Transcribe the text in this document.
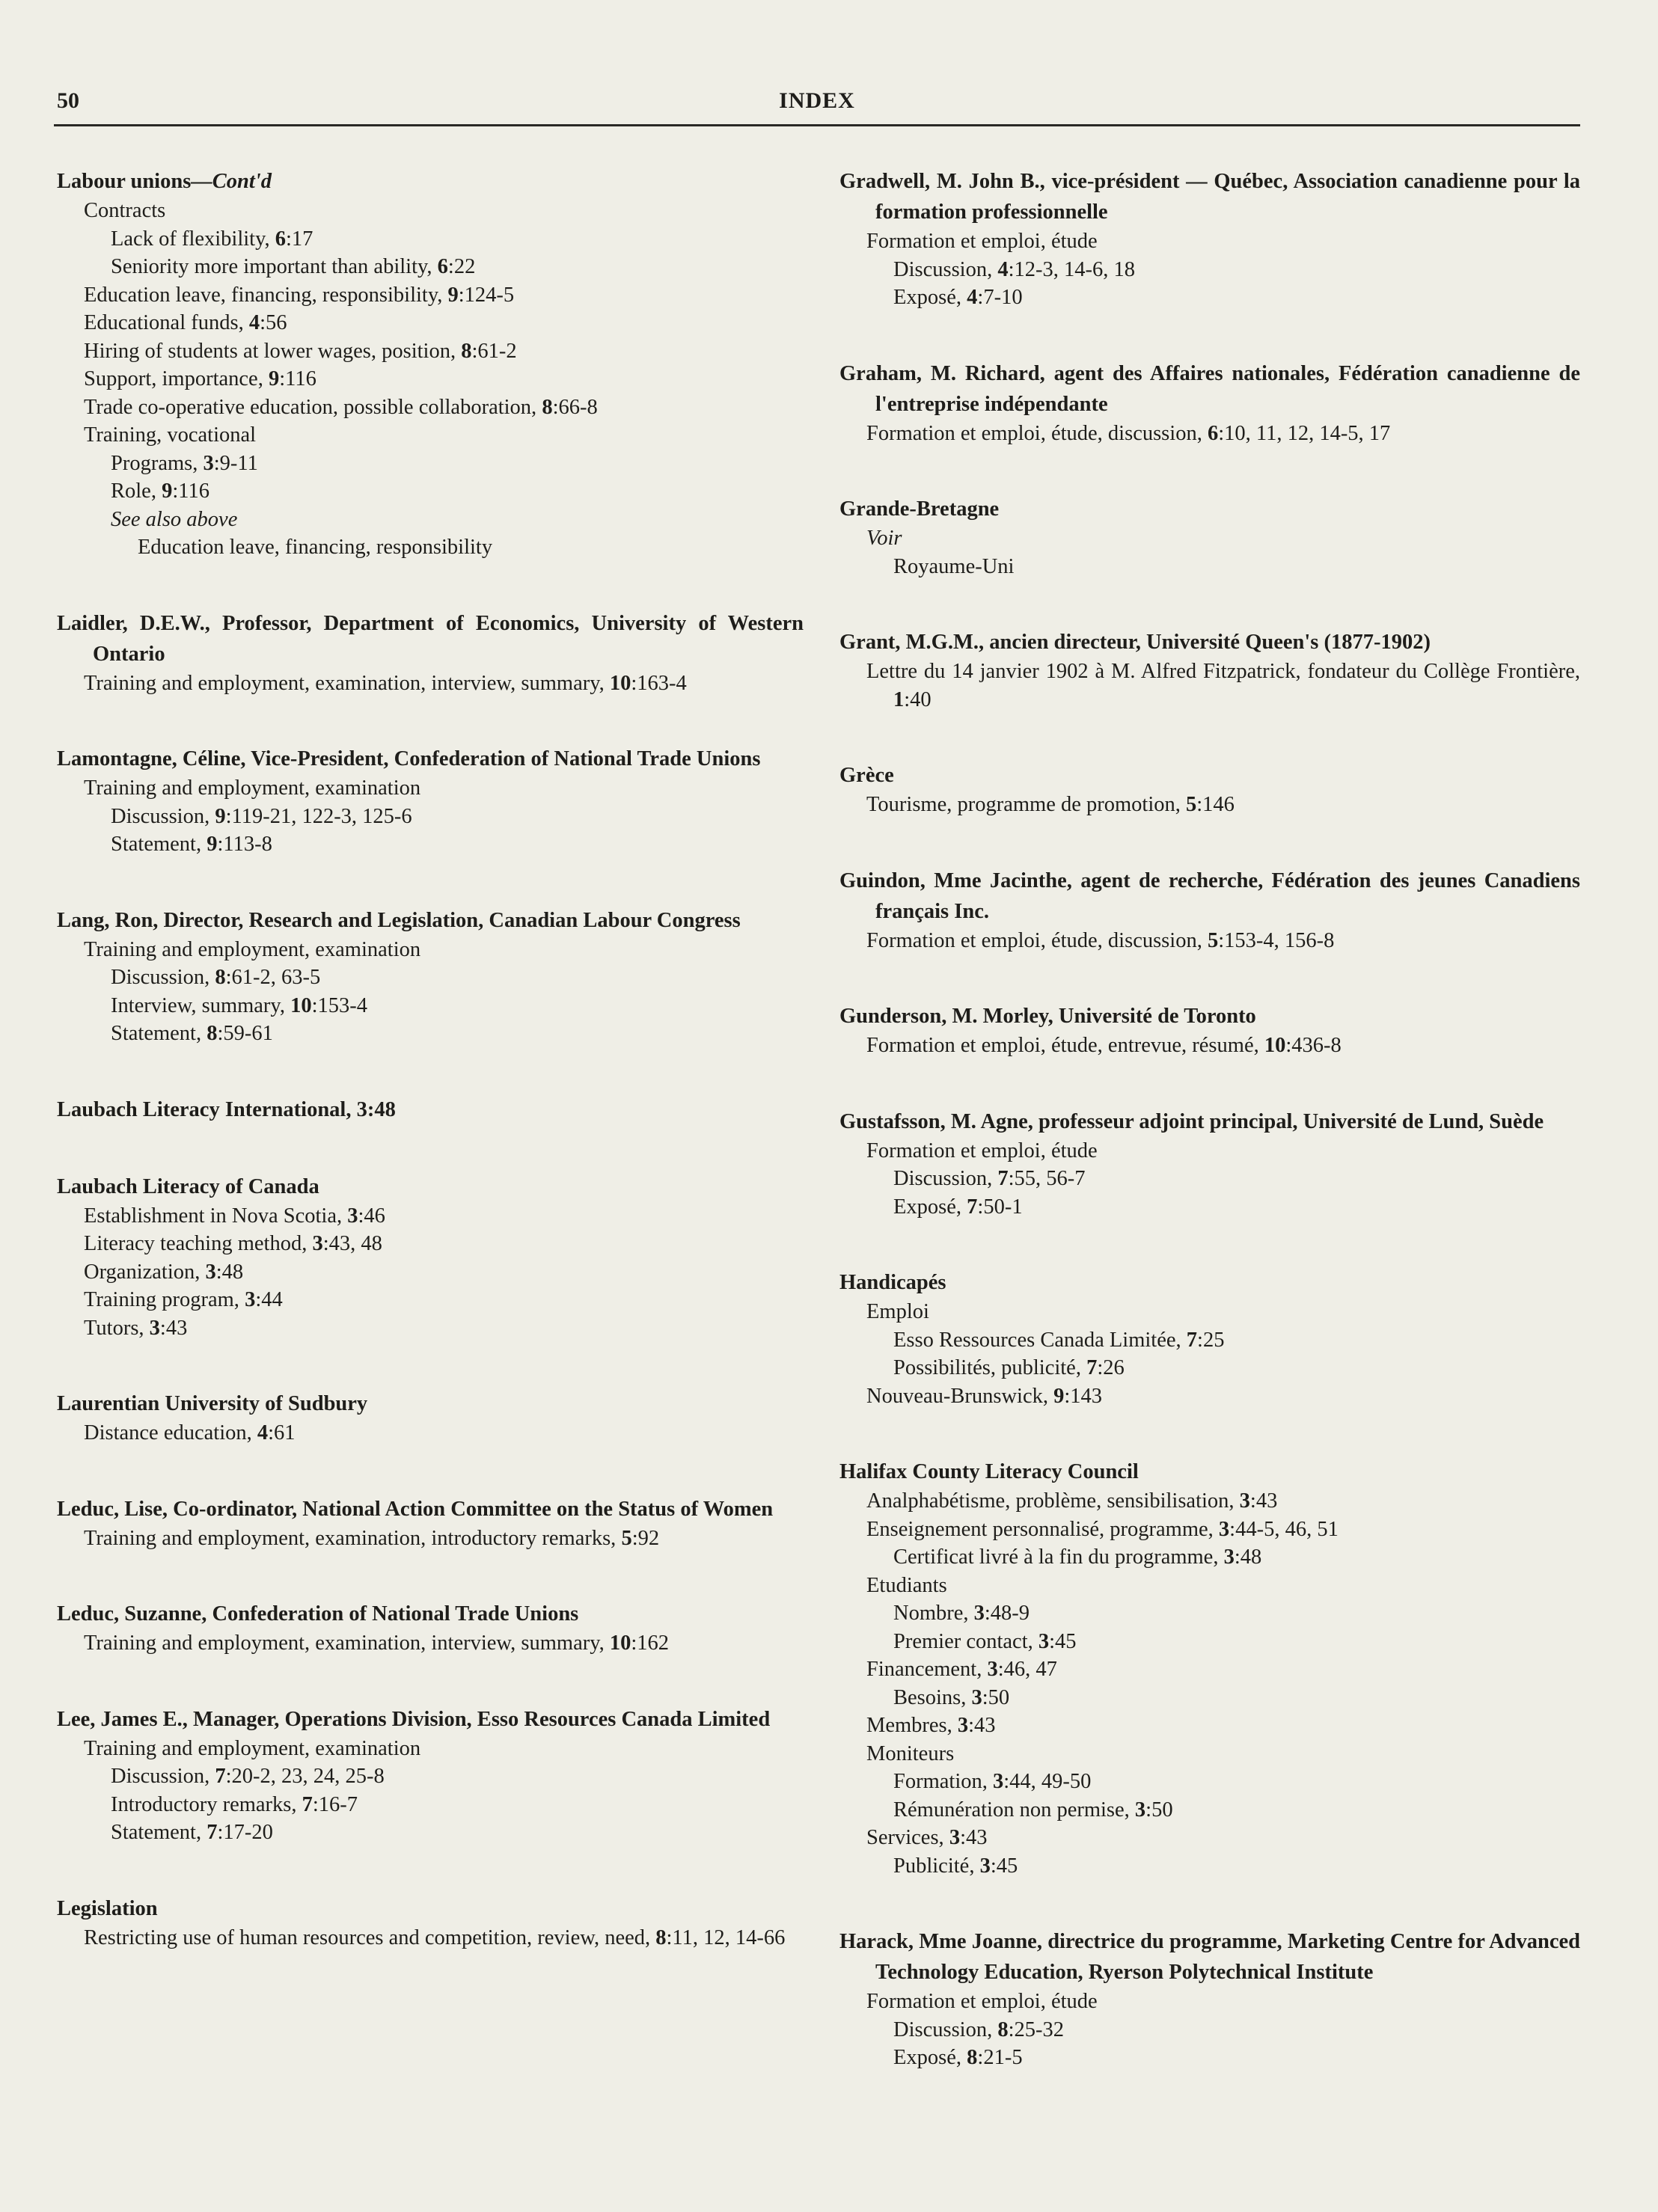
50	INDEX
Labour unions—Cont'd
Contracts
Lack of flexibility, 6:17
Seniority more important than ability, 6:22
Education leave, financing, responsibility, 9:124-5
Educational funds, 4:56
Hiring of students at lower wages, position, 8:61-2
Support, importance, 9:116
Trade co-operative education, possible collaboration, 8:66-8
Training, vocational
Programs, 3:9-11
Role, 9:116
See also above
Education leave, financing, responsibility
Laidler, D.E.W., Professor, Department of Economics, University of Western Ontario
Training and employment, examination, interview, summary, 10:163-4
Lamontagne, Céline, Vice-President, Confederation of National Trade Unions
Training and employment, examination
Discussion, 9:119-21, 122-3, 125-6
Statement, 9:113-8
Lang, Ron, Director, Research and Legislation, Canadian Labour Congress
Training and employment, examination
Discussion, 8:61-2, 63-5
Interview, summary, 10:153-4
Statement, 8:59-61
Laubach Literacy International, 3:48
Laubach Literacy of Canada
Establishment in Nova Scotia, 3:46
Literacy teaching method, 3:43, 48
Organization, 3:48
Training program, 3:44
Tutors, 3:43
Laurentian University of Sudbury
Distance education, 4:61
Leduc, Lise, Co-ordinator, National Action Committee on the Status of Women
Training and employment, examination, introductory remarks, 5:92
Leduc, Suzanne, Confederation of National Trade Unions
Training and employment, examination, interview, summary, 10:162
Lee, James E., Manager, Operations Division, Esso Resources Canada Limited
Training and employment, examination
Discussion, 7:20-2, 23, 24, 25-8
Introductory remarks, 7:16-7
Statement, 7:17-20
Legislation
Restricting use of human resources and competition, review, need, 8:11, 12, 14-66
Gradwell, M. John B., vice-président — Québec, Association canadienne pour la formation professionnelle
Formation et emploi, étude
Discussion, 4:12-3, 14-6, 18
Exposé, 4:7-10
Graham, M. Richard, agent des Affaires nationales, Fédération canadienne de l'entreprise indépendante
Formation et emploi, étude, discussion, 6:10, 11, 12, 14-5, 17
Grande-Bretagne
Voir
Royaume-Uni
Grant, M.G.M., ancien directeur, Université Queen's (1877-1902)
Lettre du 14 janvier 1902 à M. Alfred Fitzpatrick, fondateur du Collège Frontière, 1:40
Grèce
Tourisme, programme de promotion, 5:146
Guindon, Mme Jacinthe, agent de recherche, Fédération des jeunes Canadiens français Inc.
Formation et emploi, étude, discussion, 5:153-4, 156-8
Gunderson, M. Morley, Université de Toronto
Formation et emploi, étude, entrevue, résumé, 10:436-8
Gustafsson, M. Agne, professeur adjoint principal, Université de Lund, Suède
Formation et emploi, étude
Discussion, 7:55, 56-7
Exposé, 7:50-1
Handicapés
Emploi
Esso Ressources Canada Limitée, 7:25
Possibilités, publicité, 7:26
Nouveau-Brunswick, 9:143
Halifax County Literacy Council
Analphabétisme, problème, sensibilisation, 3:43
Enseignement personnalisé, programme, 3:44-5, 46, 51
Certificat livré à la fin du programme, 3:48
Etudiants
Nombre, 3:48-9
Premier contact, 3:45
Financement, 3:46, 47
Besoins, 3:50
Membres, 3:43
Moniteurs
Formation, 3:44, 49-50
Rémunération non permise, 3:50
Services, 3:43
Publicité, 3:45
Harack, Mme Joanne, directrice du programme, Marketing Centre for Advanced Technology Education, Ryerson Polytechnical Institute
Formation et emploi, étude
Discussion, 8:25-32
Exposé, 8:21-5
